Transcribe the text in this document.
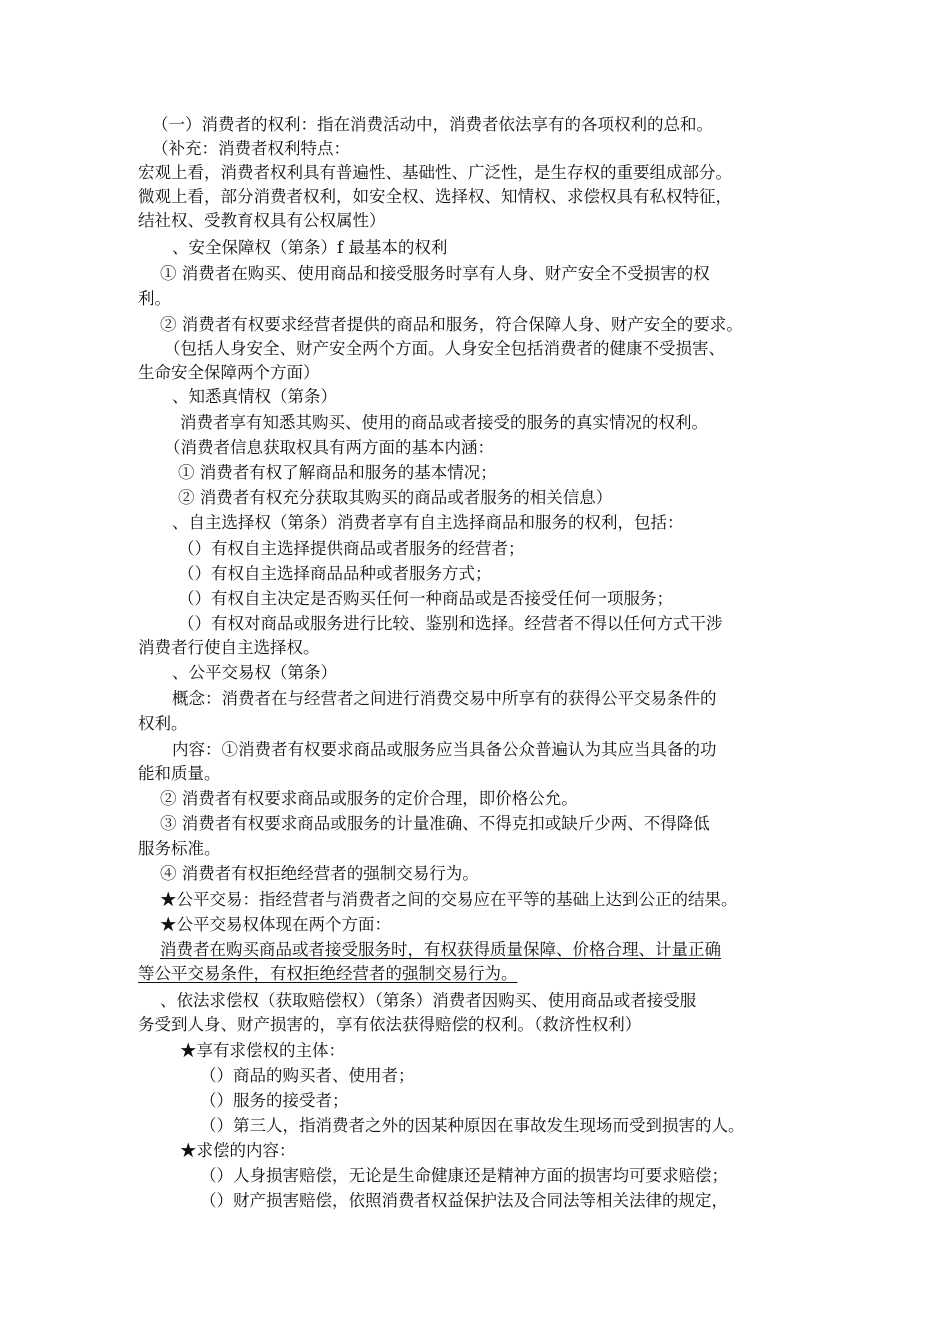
（一）消费者的权利：指在消费活动中，消费者依法享有的各项权利的总和。
（补充：消费者权利特点：
宏观上看，消费者权利具有普遍性、基础性、广泛性，是生存权的重要组成部分。
微观上看，部分消费者权利，如安全权、选择权、知情权、求偿权具有私权特征，
结社权、受教育权具有公权属性）
、安全保障权（第条）f 最基本的权利
① 消费者在购买、使用商品和接受服务时享有人身、财产安全不受损害的权
利。
② 消费者有权要求经营者提供的商品和服务，符合保障人身、财产安全的要求。
（包括人身安全、财产安全两个方面。人身安全包括消费者的健康不受损害、
生命安全保障两个方面）
、知悉真情权（第条）
消费者享有知悉其购买、使用的商品或者接受的服务的真实情况的权利。
（消费者信息获取权具有两方面的基本内涵：
① 消费者有权了解商品和服务的基本情况；
② 消费者有权充分获取其购买的商品或者服务的相关信息）
、自主选择权（第条）消费者享有自主选择商品和服务的权利，包括：
（）有权自主选择提供商品或者服务的经营者；
（）有权自主选择商品品种或者服务方式；
（）有权自主决定是否购买任何一种商品或是否接受任何一项服务；
（）有权对商品或服务进行比较、鉴别和选择。经营者不得以任何方式干涉
消费者行使自主选择权。
、公平交易权（第条）
概念：消费者在与经营者之间进行消费交易中所享有的获得公平交易条件的
权利。
内容：①消费者有权要求商品或服务应当具备公众普遍认为其应当具备的功
能和质量。
② 消费者有权要求商品或服务的定价合理，即价格公允。
③ 消费者有权要求商品或服务的计量准确、不得克扣或缺斤少两、不得降低
服务标准。
④ 消费者有权拒绝经营者的强制交易行为。
★公平交易：指经营者与消费者之间的交易应在平等的基础上达到公正的结果。
★公平交易权体现在两个方面：
消费者在购买商品或者接受服务时，有权获得质量保障、价格合理、计量正确
等公平交易条件，有权拒绝经营者的强制交易行为。
、依法求偿权（获取赔偿权）（第条）消费者因购买、使用商品或者接受服
务受到人身、财产损害的，享有依法获得赔偿的权利。（救济性权利）
★享有求偿权的主体：
（）商品的购买者、使用者；
（）服务的接受者；
（）第三人，指消费者之外的因某种原因在事故发生现场而受到损害的人。
★求偿的内容：
（）人身损害赔偿，无论是生命健康还是精神方面的损害均可要求赔偿；
（）财产损害赔偿，依照消费者权益保护法及合同法等相关法律的规定，
